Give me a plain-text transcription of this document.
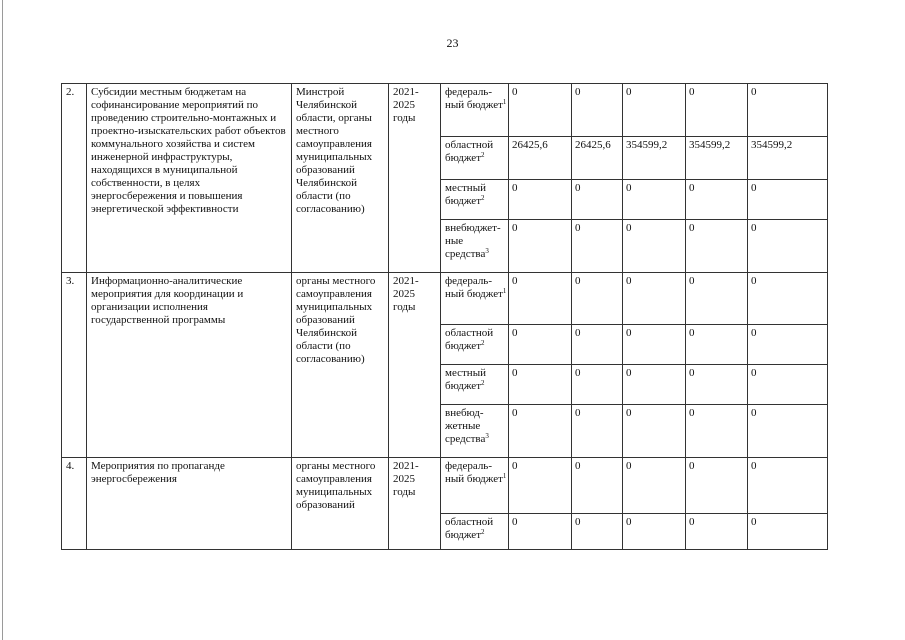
23
2.	Субсидии местным бюджетам на софинансирование мероприятий по проведению строительно-монтажных и проектно-изыскательских работ объектов коммунального хозяйства и систем инженерной инфраструктуры, находящихся в муниципальной собственности, в целях энергосбережения и повышения энергетической эффективности	Минстрой Челябинской области, органы местного самоуправления муниципальных образований Челябинской области (по согласованию)	2021-2025 годы	федераль-ный бюджет$^1$	0	0	0	0	0
				областной бюджет$^2$	26425,6	26425,6	354599,2	354599,2	354599,2
				местный бюджет$^2$	0	0	0	0	0
				внебюджет-ные средства$^3$	0	0	0	0	0
3.	Информационно-аналитические мероприятия для координации и организации исполнения государственной программы	органы местного самоуправления муниципальных образований Челябинской области (по согласованию)	2021-2025 годы	федераль-ный бюджет$^1$	0	0	0	0	0
				областной бюджет$^2$	0	0	0	0	0
				местный бюджет$^2$	0	0	0	0	0
				внебюд-жетные средства$^3$	0	0	0	0	0
4.	Мероприятия по пропаганде энергосбережения	органы местного самоуправления муниципальных образований	2021-2025 годы	федераль-ный бюджет$^1$	0	0	0	0	0
				областной бюджет$^2$	0	0	0	0	0
